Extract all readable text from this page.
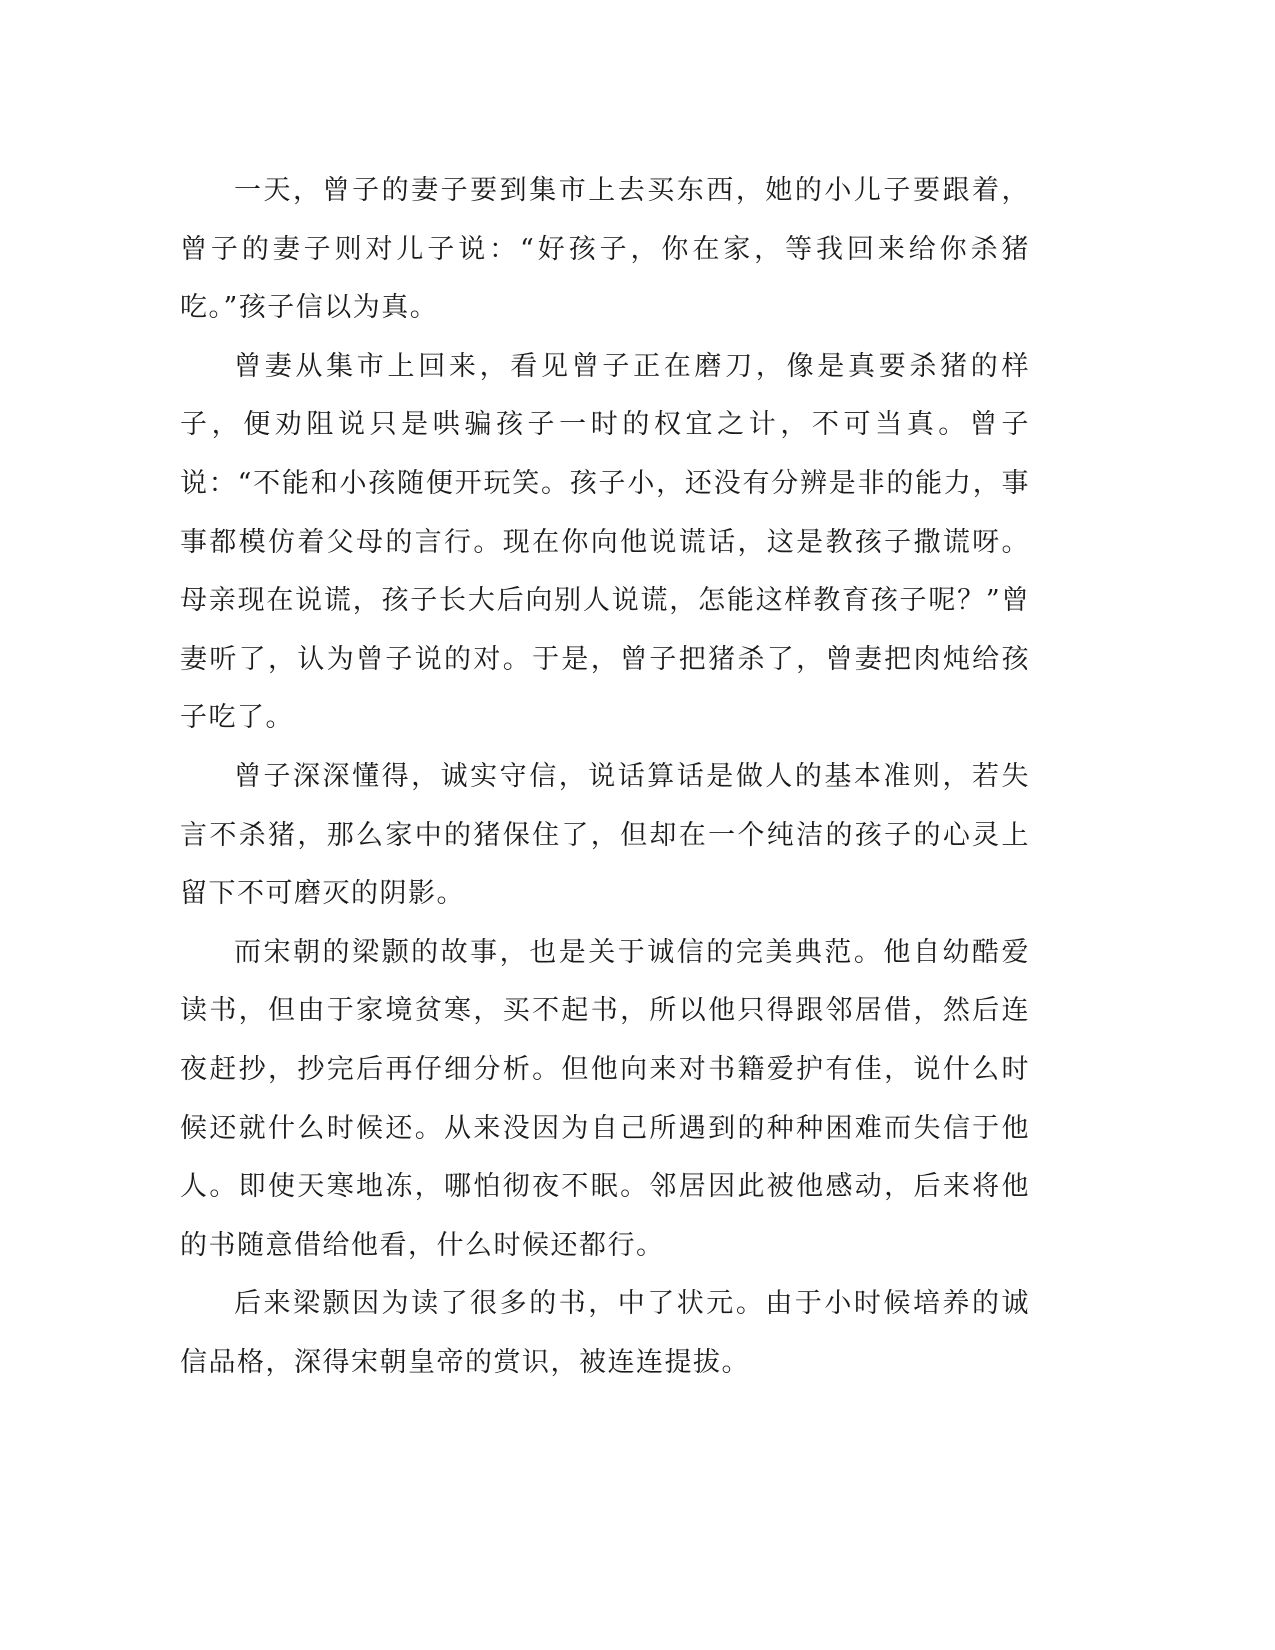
一天，曾子的妻子要到集市上去买东西，她的小儿子要跟着，曾子的妻子则对儿子说：“好孩子，你在家，等我回来给你杀猪吃。”孩子信以为真。

曾妻从集市上回来，看见曾子正在磨刀，像是真要杀猪的样子，便劝阻说只是哄骗孩子一时的权宜之计，不可当真。曾子说：“不能和小孩随便开玩笑。孩子小，还没有分辨是非的能力，事事都模仿着父母的言行。现在你向他说谎话，这是教孩子撒谎呀。母亲现在说谎，孩子长大后向别人说谎，怎能这样教育孩子呢？”曾妻听了，认为曾子说的对。于是，曾子把猪杀了，曾妻把肉炖给孩子吃了。

曾子深深懂得，诚实守信，说话算话是做人的基本准则，若失言不杀猪，那么家中的猪保住了，但却在一个纯洁的孩子的心灵上留下不可磨灭的阴影。

而宋朝的梁颢的故事，也是关于诚信的完美典范。他自幼酷爱读书，但由于家境贫寒，买不起书，所以他只得跟邻居借，然后连夜赶抄，抄完后再仔细分析。但他向来对书籍爱护有佳，说什么时候还就什么时候还。从来没因为自己所遇到的种种困难而失信于他人。即使天寒地冻，哪怕彻夜不眠。邻居因此被他感动，后来将他的书随意借给他看，什么时候还都行。

后来梁颢因为读了很多的书，中了状元。由于小时候培养的诚信品格，深得宋朝皇帝的赏识，被连连提拔。
